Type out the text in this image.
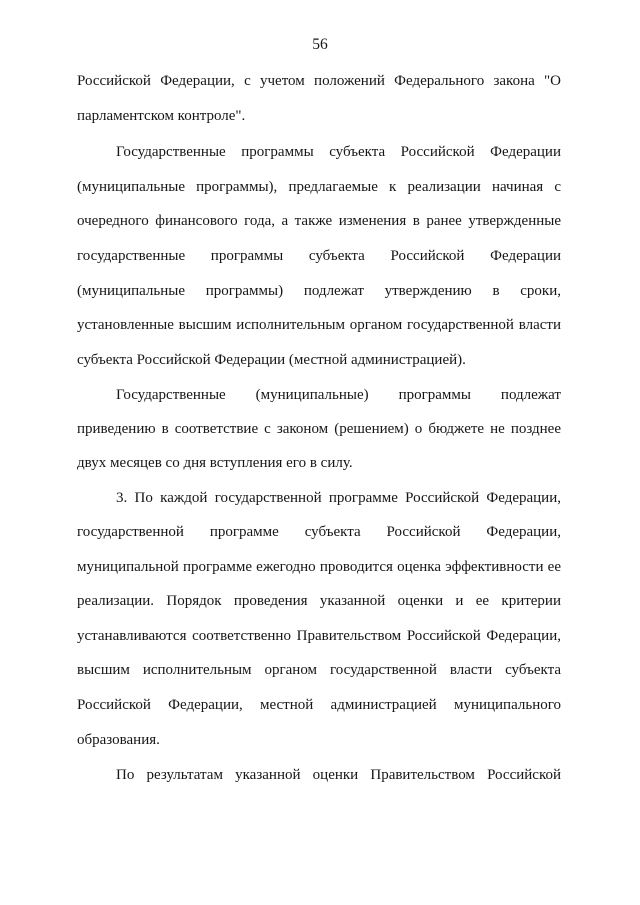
56
Российской Федерации, с учетом положений Федерального закона "О
парламентском контроле".
Государственные программы субъекта Российской Федерации
(муниципальные программы), предлагаемые к реализации начиная с
очередного финансового года, а также изменения в ранее утвержденные
государственные программы субъекта Российской Федерации
(муниципальные программы) подлежат утверждению в сроки,
установленные высшим исполнительным органом государственной власти
субъекта Российской Федерации (местной администрацией).
Государственные (муниципальные) программы подлежат
приведению в соответствие с законом (решением) о бюджете не позднее
двух месяцев со дня вступления его в силу.
3. По каждой государственной программе Российской Федерации,
государственной программе субъекта Российской Федерации,
муниципальной программе ежегодно проводится оценка эффективности ее
реализации. Порядок проведения указанной оценки и ее критерии
устанавливаются соответственно Правительством Российской Федерации,
высшим исполнительным органом государственной власти субъекта
Российской Федерации, местной администрацией муниципального
образования.
По результатам указанной оценки Правительством Российской
